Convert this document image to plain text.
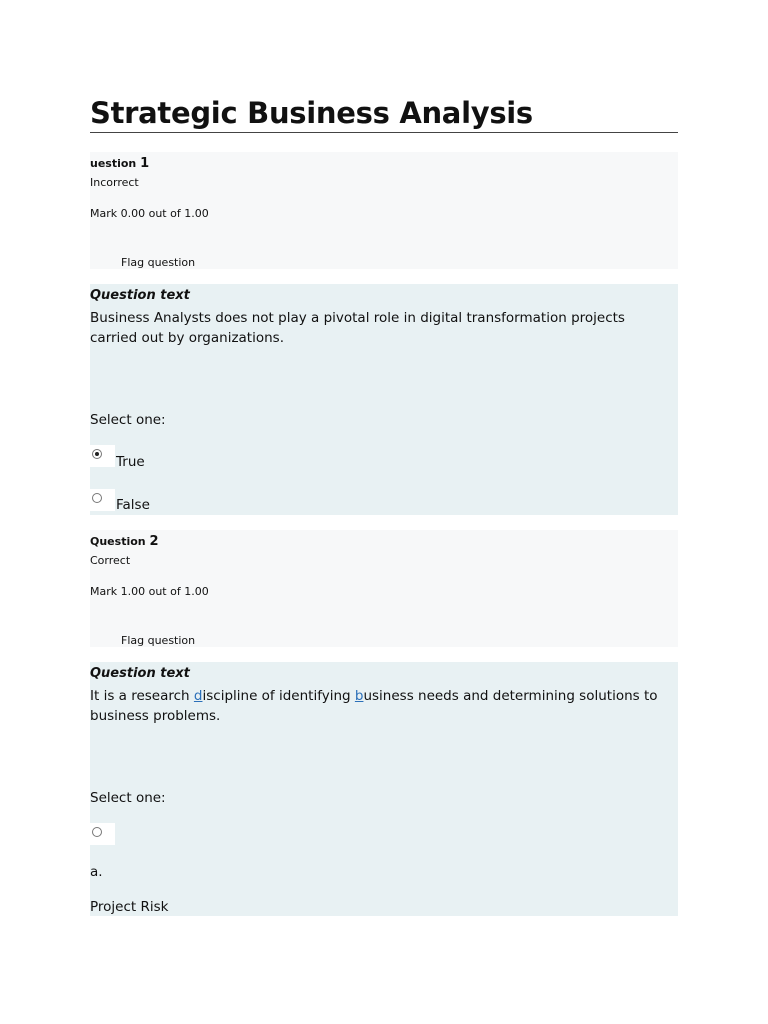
Strategic Business Analysis
uestion 1
Incorrect
Mark 0.00 out of 1.00
Flag question
Question text
Business Analysts does not play a pivotal role in digital transformation projects carried out by organizations.
Select one:
True
False
Question 2
Correct
Mark 1.00 out of 1.00
Flag question
Question text
It is a research discipline of identifying business needs and determining solutions to business problems.
Select one:
a.
Project Risk
